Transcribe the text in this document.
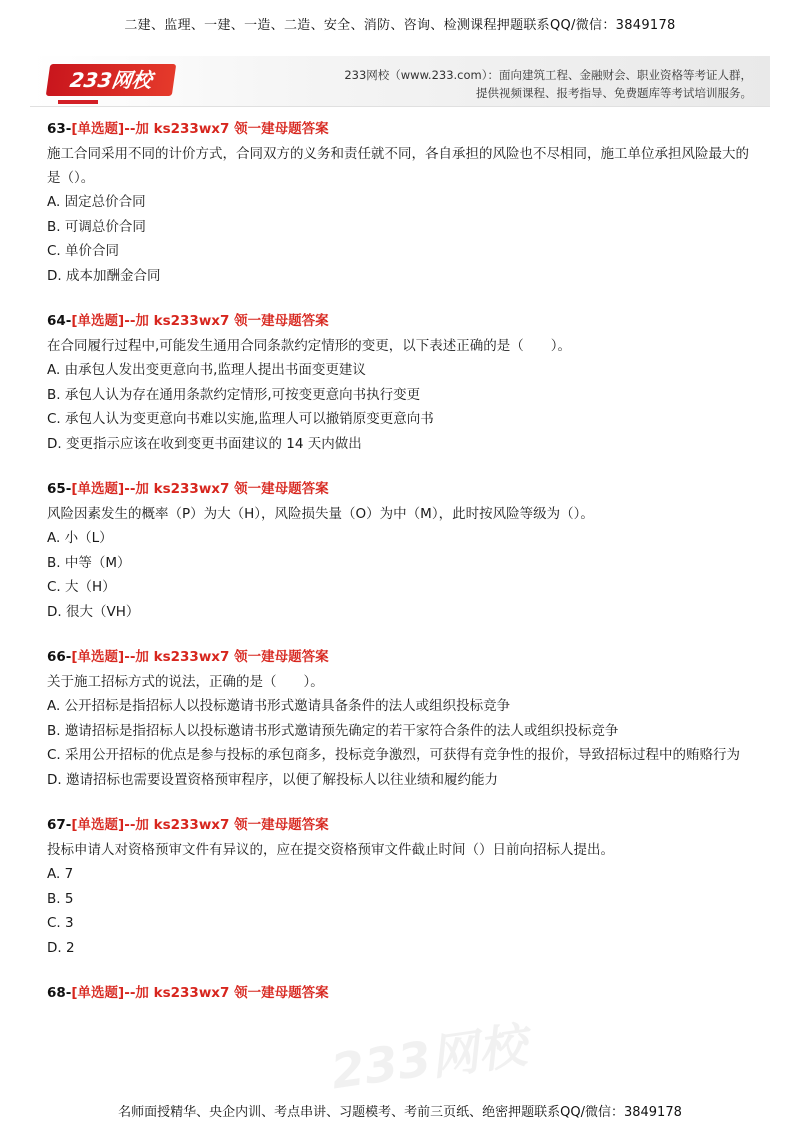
二建、监理、一建、一造、二造、安全、消防、咨询、检测课程押题联系QQ/微信：3849178
233网校	233网校（www.233.com）：面向建筑工程、金融财会、职业资格等考证人群，
提供视频课程、报考指导、免费题库等考试培训服务。
63-[单选题]--加 ks233wx7 领一建母题答案
施工合同采用不同的计价方式，合同双方的义务和责任就不同，各自承担的风险也不尽相同，施工单位承担风险最大的是（）。
A. 固定总价合同
B. 可调总价合同
C. 单价合同
D. 成本加酬金合同
64-[单选题]--加 ks233wx7 领一建母题答案
在合同履行过程中,可能发生通用合同条款约定情形的变更，以下表述正确的是（　　）。
A. 由承包人发出变更意向书,监理人提出书面变更建议
B. 承包人认为存在通用条款约定情形,可按变更意向书执行变更
C. 承包人认为变更意向书难以实施,监理人可以撤销原变更意向书
D. 变更指示应该在收到变更书面建议的 14 天内做出
65-[单选题]--加 ks233wx7 领一建母题答案
风险因素发生的概率（P）为大（H），风险损失量（O）为中（M），此时按风险等级为（）。
A. 小（L）
B. 中等（M）
C. 大（H）
D. 很大（VH）
66-[单选题]--加 ks233wx7 领一建母题答案
关于施工招标方式的说法，正确的是（　　）。
A. 公开招标是指招标人以投标邀请书形式邀请具备条件的法人或组织投标竞争
B. 邀请招标是指招标人以投标邀请书形式邀请预先确定的若干家符合条件的法人或组织投标竞争
C. 采用公开招标的优点是参与投标的承包商多，投标竞争激烈，可获得有竞争性的报价，导致招标过程中的贿赂行为
D. 邀请招标也需要设置资格预审程序，以便了解投标人以往业绩和履约能力
67-[单选题]--加 ks233wx7 领一建母题答案
投标申请人对资格预审文件有异议的，应在提交资格预审文件截止时间（）日前向招标人提出。
A. 7
B. 5
C. 3
D. 2
68-[单选题]--加 ks233wx7 领一建母题答案
233网校
名师面授精华、央企内训、考点串讲、习题模考、考前三页纸、绝密押题联系QQ/微信：3849178
